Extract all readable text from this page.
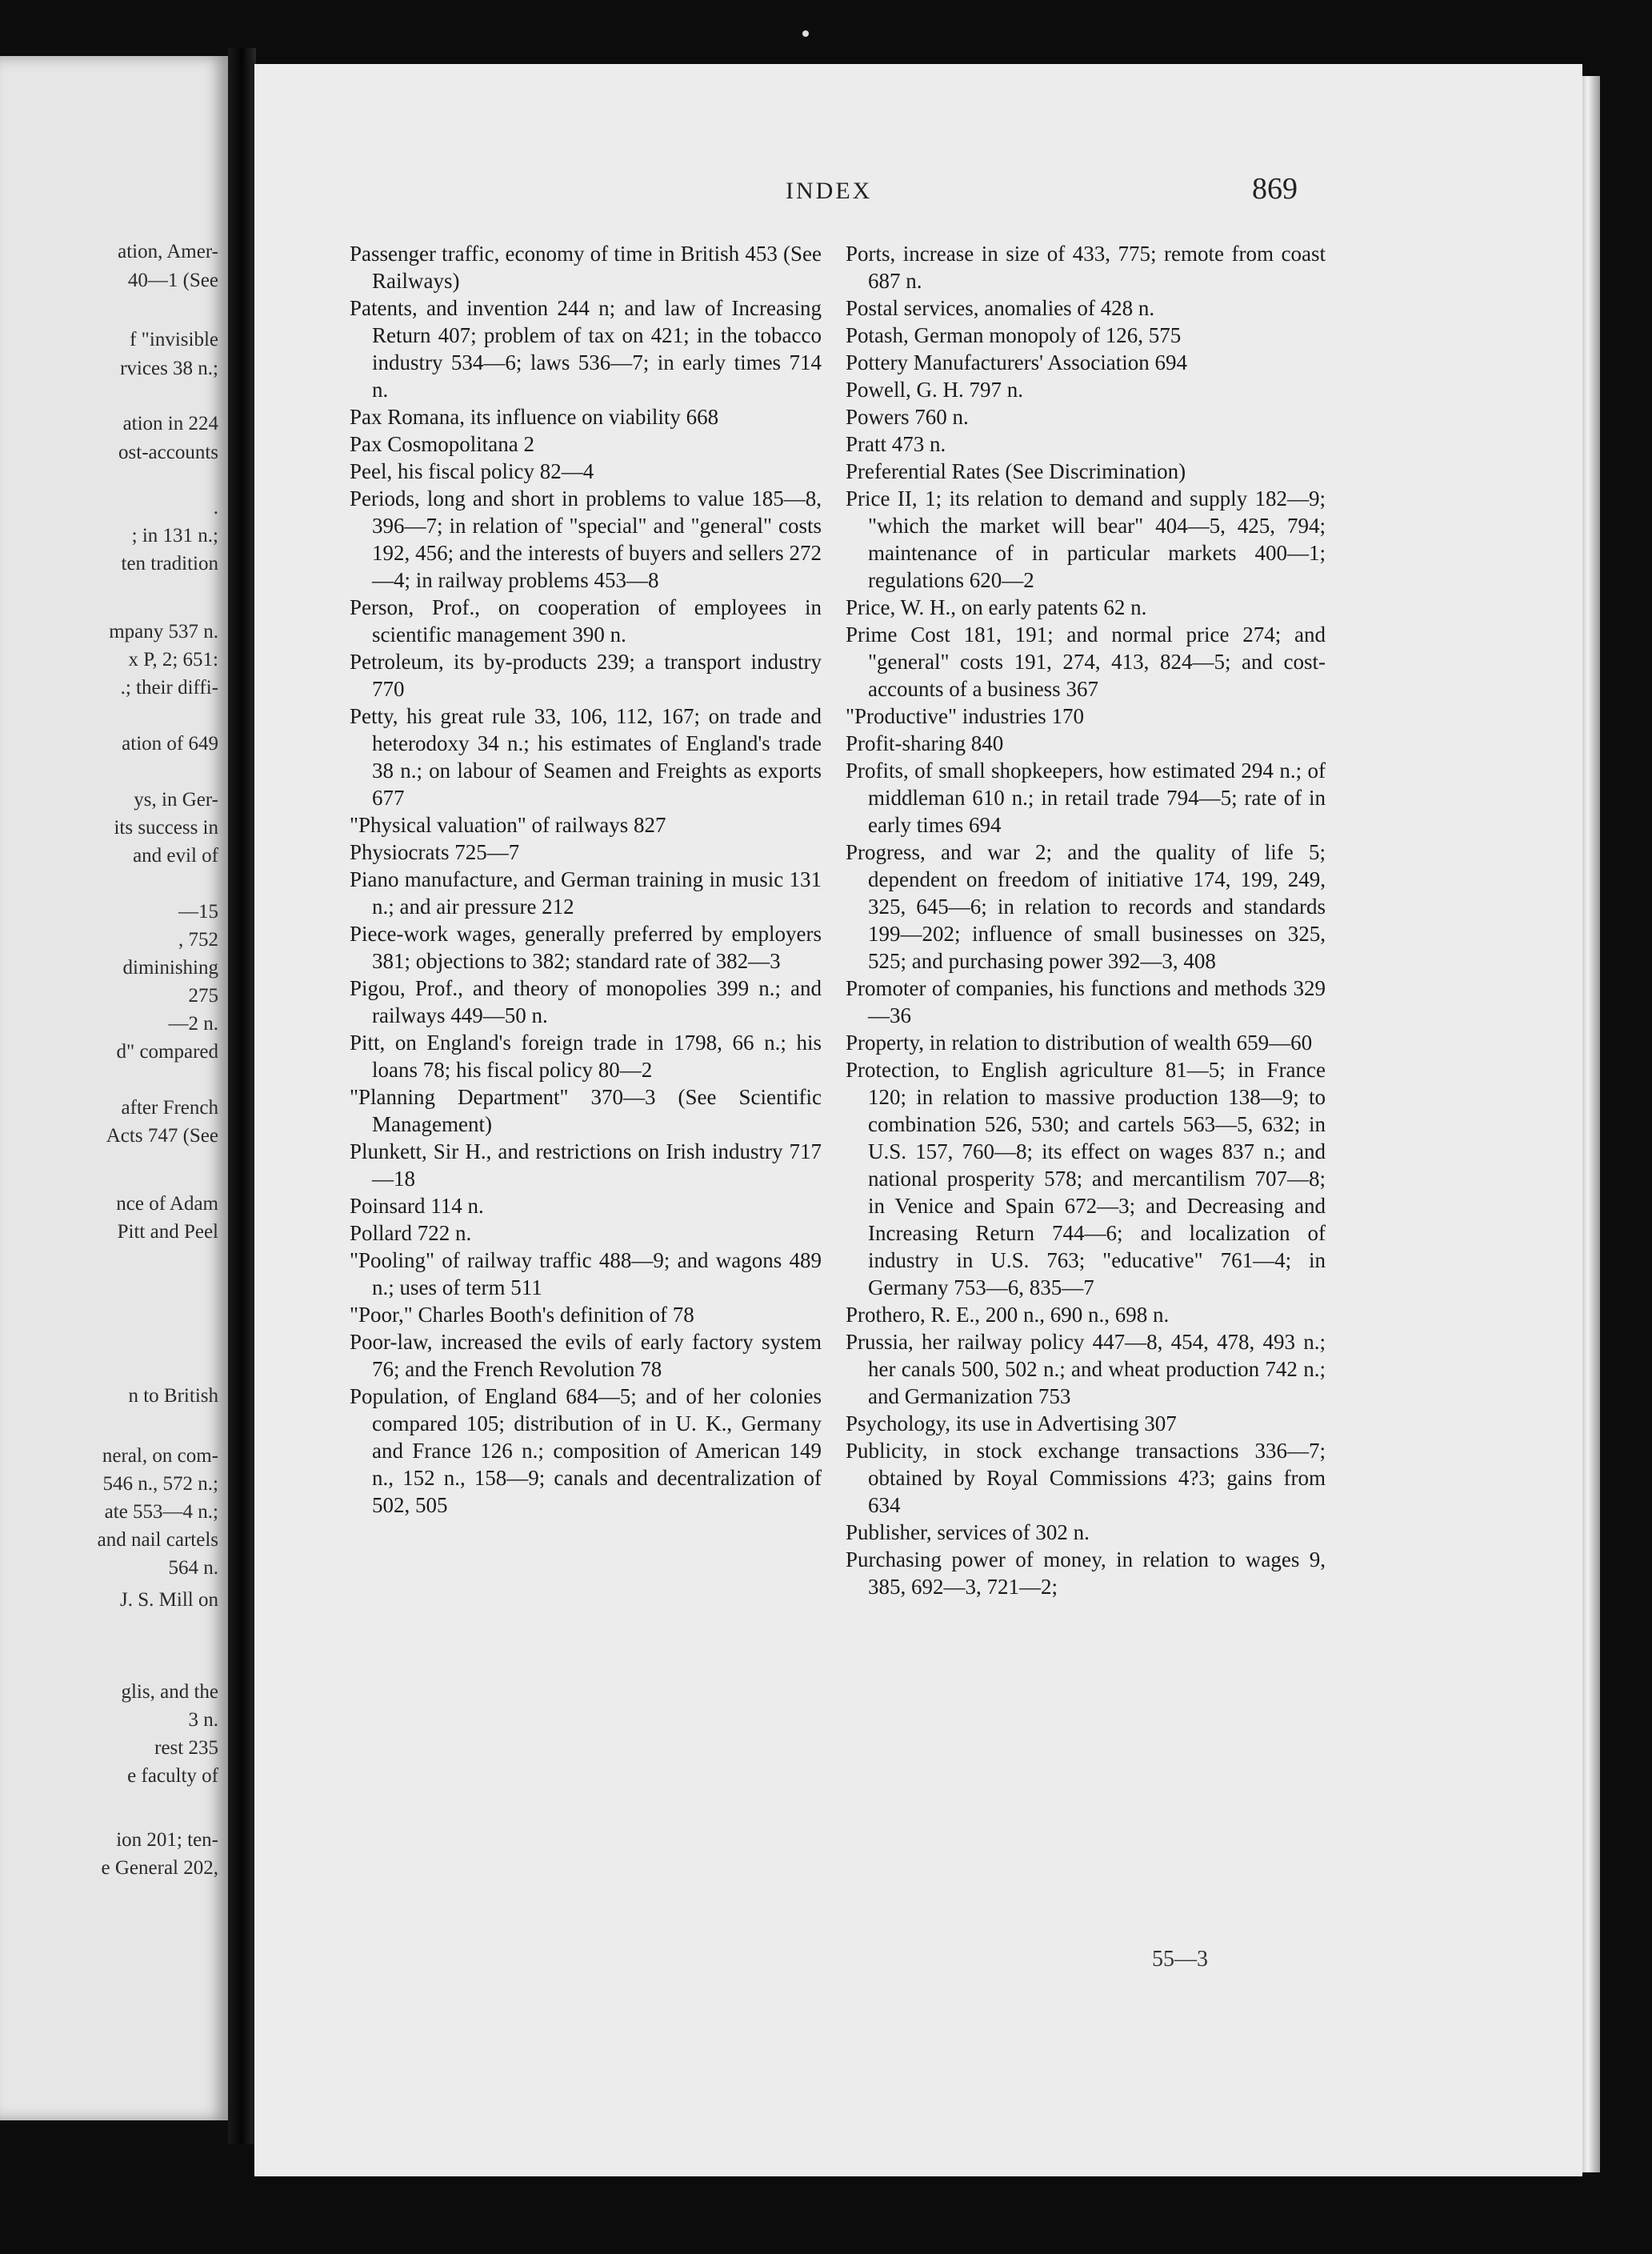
ation, Amer-
40—1 (See
f "invisible
rvices 38 n.;
ation in 224
ost-accounts
.
; in 131 n.;
ten tradition
mpany 537 n.
x P, 2; 651:
.; their diffi-
ation of 649
ys, in Ger-
its success in
and evil of
—15
, 752
diminishing
275
—2 n.
d" compared
after French
Acts 747 (See
nce of Adam
Pitt and Peel
n to British
neral, on com-
546 n., 572 n.;
ate 553—4 n.;
and nail cartels
564 n.
J. S. Mill on
glis, and the
3 n.
rest 235
e faculty of
ion 201; ten-
e General 202,
INDEX	869

Passenger traffic, economy of time in British 453 (See Railways)

Patents, and invention 244 n; and law of Increasing Return 407; problem of tax on 421; in the tobacco industry 534—6; laws 536—7; in early times 714 n.

Pax Romana, its influence on viability 668

Pax Cosmopolitana 2

Peel, his fiscal policy 82—4

Periods, long and short in problems to value 185—8, 396—7; in relation of "special" and "general" costs 192, 456; and the interests of buyers and sellers 272—4; in railway problems 453—8

Person, Prof., on cooperation of employees in scientific management 390 n.

Petroleum, its by-products 239; a transport industry 770

Petty, his great rule 33, 106, 112, 167; on trade and heterodoxy 34 n.; his estimates of England's trade 38 n.; on labour of Seamen and Freights as exports 677

"Physical valuation" of railways 827

Physiocrats 725—7

Piano manufacture, and German training in music 131 n.; and air pressure 212

Piece-work wages, generally preferred by employers 381; objections to 382; standard rate of 382—3

Pigou, Prof., and theory of monopolies 399 n.; and railways 449—50 n.

Pitt, on England's foreign trade in 1798, 66 n.; his loans 78; his fiscal policy 80—2

"Planning Department" 370—3 (See Scientific Management)

Plunkett, Sir H., and restrictions on Irish industry 717—18

Poinsard 114 n.

Pollard 722 n.

"Pooling" of railway traffic 488—9; and wagons 489 n.; uses of term 511

"Poor," Charles Booth's definition of 78

Poor-law, increased the evils of early factory system 76; and the French Revolution 78

Population, of England 684—5; and of her colonies compared 105; distribution of in U. K., Germany and France 126 n.; composition of American 149 n., 152 n., 158—9; canals and decentralization of 502, 505

Ports, increase in size of 433, 775; remote from coast 687 n.

Postal services, anomalies of 428 n.

Potash, German monopoly of 126, 575

Pottery Manufacturers' Association 694

Powell, G. H. 797 n.

Powers 760 n.

Pratt 473 n.

Preferential Rates (See Discrimination)

Price II, 1; its relation to demand and supply 182—9; "which the market will bear" 404—5, 425, 794; maintenance of in particular markets 400—1; regulations 620—2

Price, W. H., on early patents 62 n.

Prime Cost 181, 191; and normal price 274; and "general" costs 191, 274, 413, 824—5; and cost-accounts of a business 367

"Productive" industries 170

Profit-sharing 840

Profits, of small shopkeepers, how estimated 294 n.; of middleman 610 n.; in retail trade 794—5; rate of in early times 694

Progress, and war 2; and the quality of life 5; dependent on freedom of initiative 174, 199, 249, 325, 645—6; in relation to records and standards 199—202; influence of small businesses on 325, 525; and purchasing power 392—3, 408

Promoter of companies, his functions and methods 329—36

Property, in relation to distribution of wealth 659—60

Protection, to English agriculture 81—5; in France 120; in relation to massive production 138—9; to combination 526, 530; and cartels 563—5, 632; in U.S. 157, 760—8; its effect on wages 837 n.; and national prosperity 578; and mercantilism 707—8; in Venice and Spain 672—3; and Decreasing and Increasing Return 744—6; and localization of industry in U.S. 763; "educative" 761—4; in Germany 753—6, 835—7

Prothero, R. E., 200 n., 690 n., 698 n.

Prussia, her railway policy 447—8, 454, 478, 493 n.; her canals 500, 502 n.; and wheat production 742 n.; and Germanization 753

Psychology, its use in Advertising 307

Publicity, in stock exchange transactions 336—7; obtained by Royal Commissions 4?3; gains from 634

Publisher, services of 302 n.

Purchasing power of money, in relation to wages 9, 385, 692—3, 721—2;

55—3
